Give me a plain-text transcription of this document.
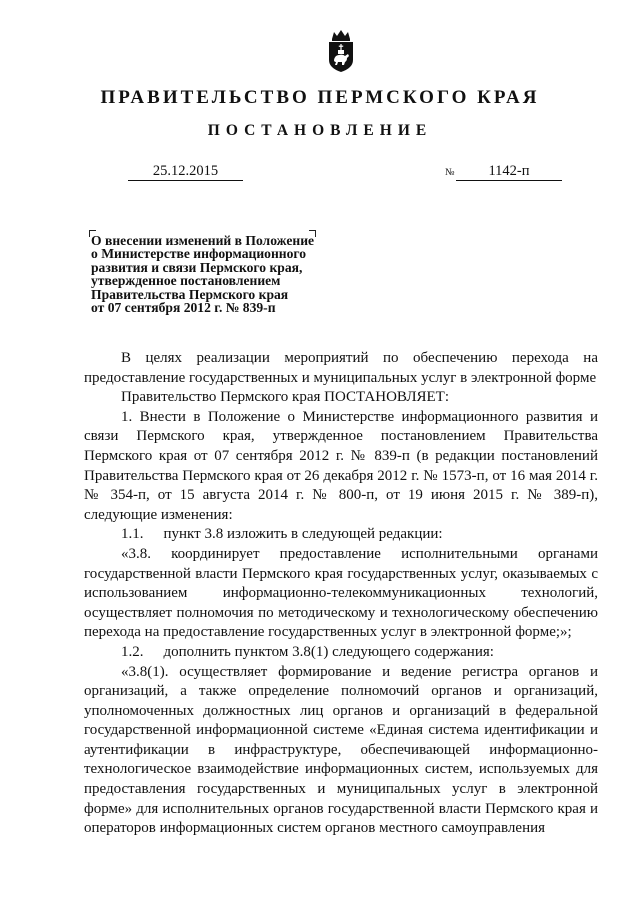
ПРАВИТЕЛЬСТВО ПЕРМСКОГО КРАЯ
ПОСТАНОВЛЕНИЕ
25.12.2015	№	1142-п
О внесении изменений в Положение
о Министерстве информационного
развития и связи Пермского края,
утвержденное постановлением
Правительства Пермского края
от 07 сентября 2012 г. № 839-п

В целях реализации мероприятий по обеспечению перехода на предоставление государственных и муниципальных услуг в электронной форме

Правительство Пермского края ПОСТАНОВЛЯЕТ:

1. Внести в Положение о Министерстве информационного развития и связи Пермского края, утвержденное постановлением Правительства Пермского края от 07 сентября 2012 г. № 839-п (в редакции постановлений Правительства Пермского края от 26 декабря 2012 г. № 1573-п, от 16 мая 2014 г. № 354-п, от 15 августа 2014 г. № 800-п, от 19 июня 2015 г. № 389-п), следующие изменения:

1.1. пункт 3.8 изложить в следующей редакции:

«3.8. координирует предоставление исполнительными органами государственной власти Пермского края государственных услуг, оказываемых с использованием информационно-телекоммуникационных технологий, осуществляет полномочия по методическому и технологическому обеспечению перехода на предоставление государственных услуг в электронной форме;»;

1.2. дополнить пунктом 3.8(1) следующего содержания:

«3.8(1). осуществляет формирование и ведение регистра органов и организаций, а также определение полномочий органов и организаций, уполномоченных должностных лиц органов и организаций в федеральной государственной информационной системе «Единая система идентификации и аутентификации в инфраструктуре, обеспечивающей информационно-технологическое взаимодействие информационных систем, используемых для предоставления государственных и муниципальных услуг в электронной форме» для исполнительных органов государственной власти Пермского края и операторов информационных систем органов местного самоуправления
